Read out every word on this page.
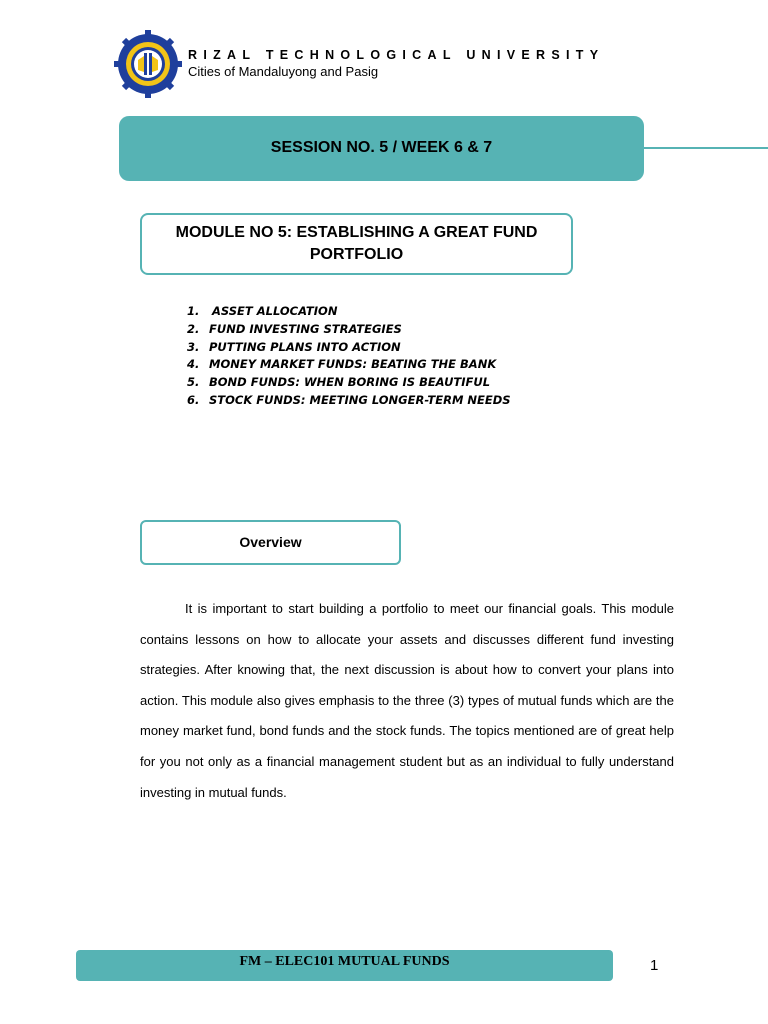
RIZAL TECHNOLOGICAL UNIVERSITY
Cities of Mandaluyong and Pasig
SESSION NO. 5 / WEEK 6 & 7
MODULE NO 5: ESTABLISHING A GREAT FUND PORTFOLIO
1. ASSET ALLOCATION
2. FUND INVESTING STRATEGIES
3. PUTTING PLANS INTO ACTION
4. MONEY MARKET FUNDS: BEATING THE BANK
5. BOND FUNDS: WHEN BORING IS BEAUTIFUL
6. STOCK FUNDS: MEETING LONGER-TERM NEEDS
Overview
It is important to start building a portfolio to meet our financial goals. This module contains lessons on how to allocate your assets and discusses different fund investing strategies. After knowing that, the next discussion is about how to convert your plans into action. This module also gives emphasis to the three (3) types of mutual funds which are the money market fund, bond funds and the stock funds. The topics mentioned are of great help for you not only as a financial management student but as an individual to fully understand investing in mutual funds.
FM – ELEC101 MUTUAL FUNDS	1
